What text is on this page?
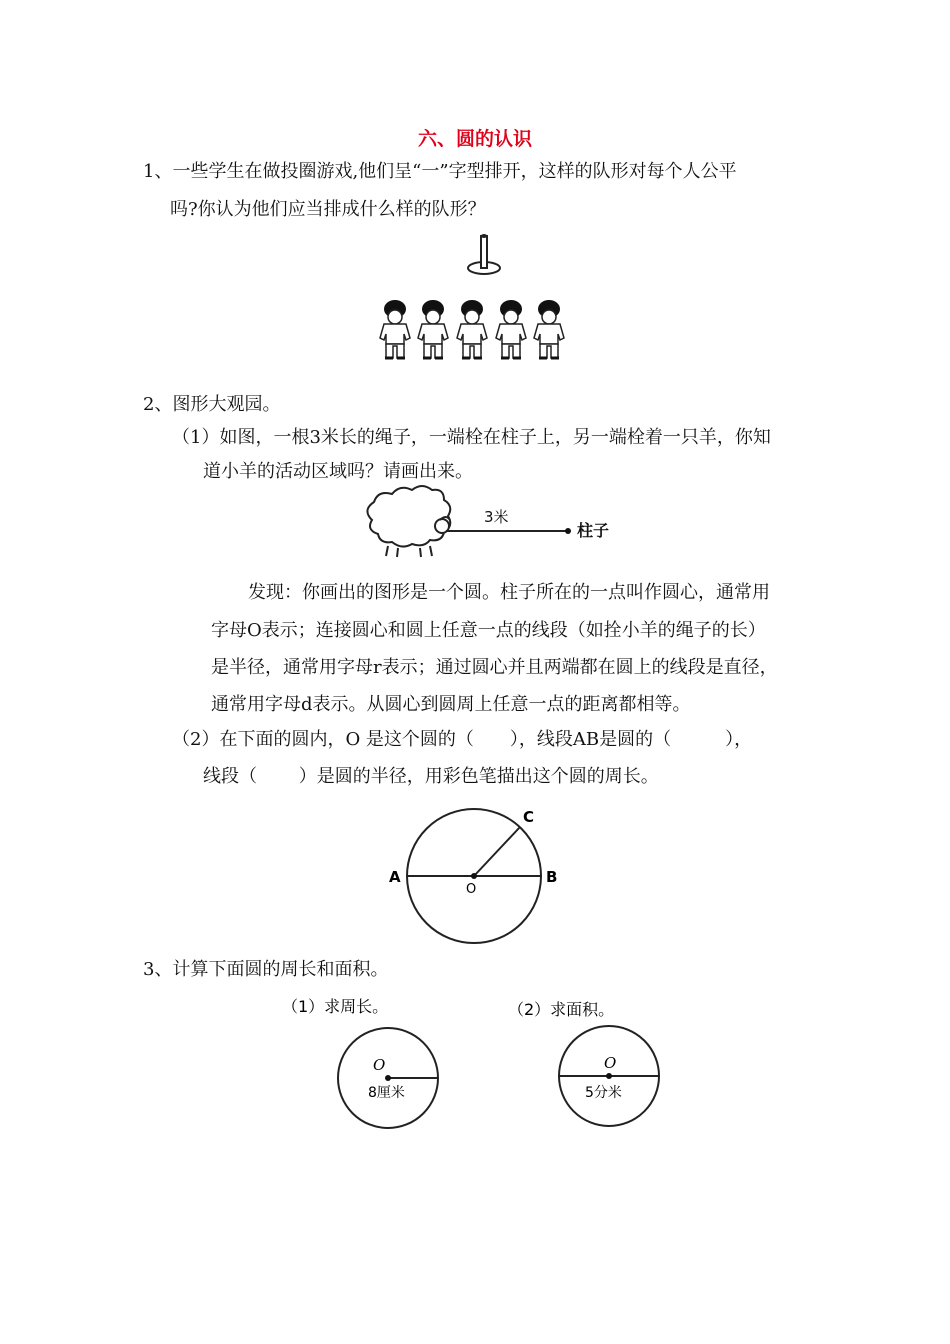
六、圆的认识
1、一些学生在做投圈游戏,他们呈“一”字型排开，这样的队形对每个人公平
吗?你认为他们应当排成什么样的队形？
2、图形大观园。
（1）如图，一根3米长的绳子，一端栓在柱子上，另一端栓着一只羊，你知
道小羊的活动区域吗？请画出来。
3米
柱子
发现：你画出的图形是一个圆。柱子所在的一点叫作圆心，通常用
字母O表示；连接圆心和圆上任意一点的线段（如拴小羊的绳子的长）
是半径，通常用字母r表示；通过圆心并且两端都在圆上的线段是直径，
通常用字母d表示。从圆心到圆周上任意一点的距离都相等。
（2）在下面的圆内，O 是这个圆的（　　），线段AB是圆的（　　　），
线段（　　 ）是圆的半径，用彩色笔描出这个圆的周长。
A	B
C
O
3、计算下面圆的周长和面积。
（1）求周长。	（2）求面积。
O
8厘米
O
5分米
